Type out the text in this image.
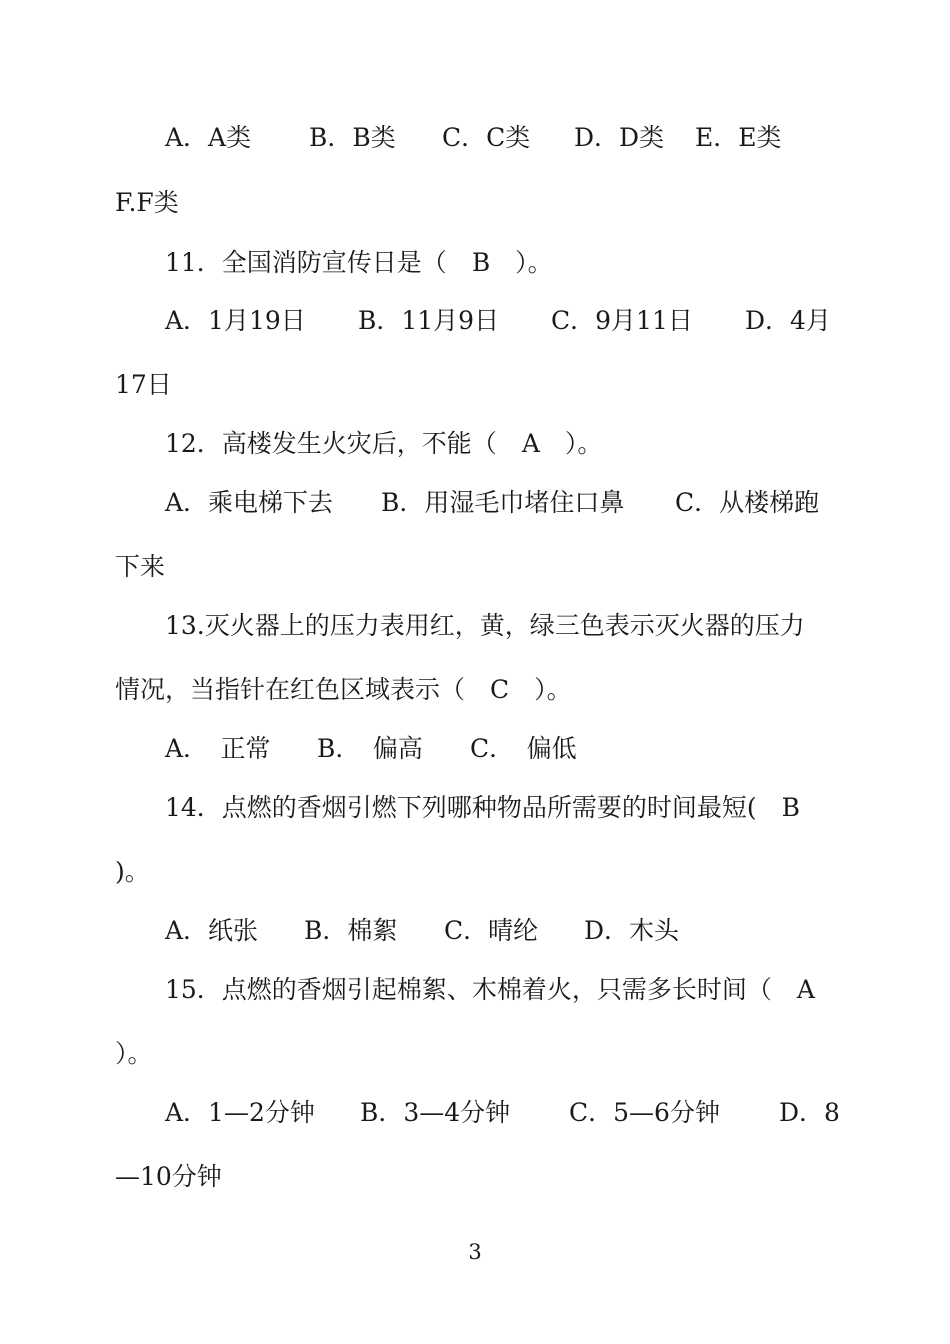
A．A类 B．B类 C．C类 D．D类 E．E类
F.F类
11．全国消防宣传日是（　B　）。
A．1月19日 B．11月9日 C．9月11日 D．4月
17日
12．高楼发生火灾后，不能（　A　）。
A．乘电梯下去 B．用湿毛巾堵住口鼻 C．从楼梯跑
下来
13.灭火器上的压力表用红，黄，绿三色表示灭火器的压力
情况，当指针在红色区域表示（　C　）。
A．　正常 B．　偏高 C．　偏低
14．点燃的香烟引燃下列哪种物品所需要的时间最短(　B
)。
A．纸张 B．棉絮 C．晴纶 D．木头
15．点燃的香烟引起棉絮、木棉着火，只需多长时间（　A
）。
A．1—2分钟 B．3—4分钟 C．5—6分钟 D．8
—10分钟
3
